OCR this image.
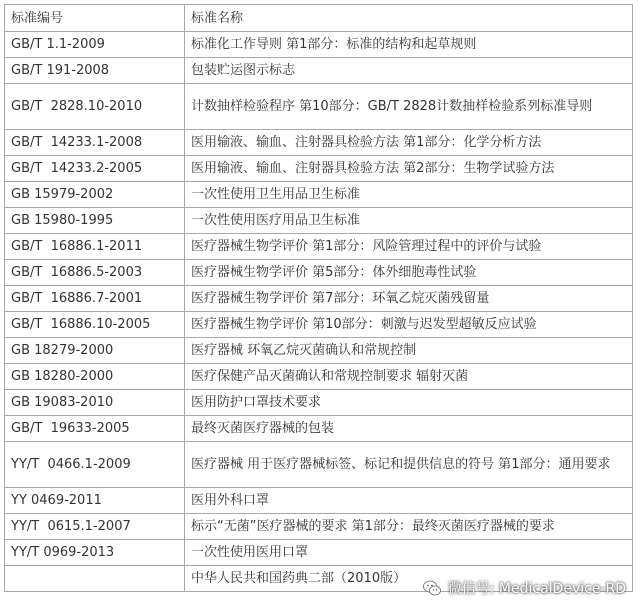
标准编号	标准名称
GB/T 1.1-2009	标准化工作导则 第1部分：标准的结构和起草规则
GB/T 191-2008	包装贮运图示标志
GB/T  2828.10-2010	计数抽样检验程序 第10部分：GB/T 2828计数抽样检验系列标准导则
GB/T  14233.1-2008	医用输液、输血、注射器具检验方法 第1部分：化学分析方法
GB/T  14233.2-2005	医用输液、输血、注射器具检验方法 第2部分：生物学试验方法
GB 15979-2002	一次性使用卫生用品卫生标准
GB 15980-1995	一次性使用医疗用品卫生标准
GB/T  16886.1-2011	医疗器械生物学评价 第1部分：风险管理过程中的评价与试验
GB/T  16886.5-2003	医疗器械生物学评价 第5部分：体外细胞毒性试验
GB/T  16886.7-2001	医疗器械生物学评价 第7部分：环氧乙烷灭菌残留量
GB/T  16886.10-2005	医疗器械生物学评价 第10部分：刺激与迟发型超敏反应试验
GB 18279-2000	医疗器械 环氧乙烷灭菌确认和常规控制
GB 18280-2000	医疗保健产品灭菌确认和常规控制要求 辐射灭菌
GB 19083-2010	医用防护口罩技术要求
GB/T  19633-2005	最终灭菌医疗器械的包装
YY/T  0466.1-2009	医疗器械 用于医疗器械标签、标记和提供信息的符号 第1部分：通用要求
YY 0469-2011	医用外科口罩
YY/T  0615.1-2007	标示“无菌”医疗器械的要求 第1部分：最终灭菌医疗器械的要求
YY/T 0969-2013	一次性使用医用口罩
	中华人民共和国药典二部（2010版）
微信号: MedicalDevice-RD
